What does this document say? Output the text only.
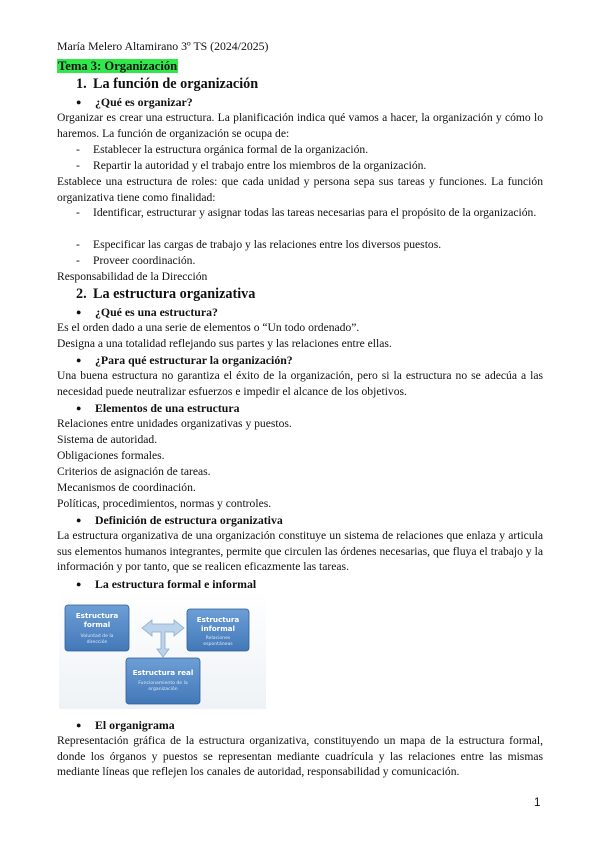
María Melero Altamirano 3º TS (2024/2025)
Tema 3: Organización
1. La función de organización
● ¿Qué es organizar?
Organizar es crear una estructura. La planificación indica qué vamos a hacer, la organización y cómo lo haremos. La función de organización se ocupa de:
- Establecer la estructura orgánica formal de la organización.
- Repartir la autoridad y el trabajo entre los miembros de la organización.
Establece una estructura de roles: que cada unidad y persona sepa sus tareas y funciones. La función organizativa tiene como finalidad:
- Identificar, estructurar y asignar todas las tareas necesarias para el propósito de la organización.
- Especificar las cargas de trabajo y las relaciones entre los diversos puestos.
- Proveer coordinación.
Responsabilidad de la Dirección
2. La estructura organizativa
● ¿Qué es una estructura?
Es el orden dado a una serie de elementos o “Un todo ordenado”.
Designa a una totalidad reflejando sus partes y las relaciones entre ellas.
● ¿Para qué estructurar la organización?
Una buena estructura no garantiza el éxito de la organización, pero si la estructura no se adecúa a las necesidad puede neutralizar esfuerzos e impedir el alcance de los objetivos.
● Elementos de una estructura
Relaciones entre unidades organizativas y puestos.
Sistema de autoridad.
Obligaciones formales.
Criterios de asignación de tareas.
Mecanismos de coordinación.
Políticas, procedimientos, normas y controles.
● Definición de estructura organizativa
La estructura organizativa de una organización constituye un sistema de relaciones que enlaza y articula sus elementos humanos integrantes, permite que circulen las órdenes necesarias, que fluya el trabajo y la información y por tanto, que se realicen eficazmente las tareas.
● La estructura formal e informal
Estructura
formal
Voluntad de la
dirección
Estructura
informal
Relaciones
espontáneas
Estructura real
Funcionamiento de la
organización
● El organigrama
Representación gráfica de la estructura organizativa, constituyendo un mapa de la estructura formal, donde los órganos y puestos se representan mediante cuadrícula y las relaciones entre las mismas mediante líneas que reflejen los canales de autoridad, responsabilidad y comunicación.
1
